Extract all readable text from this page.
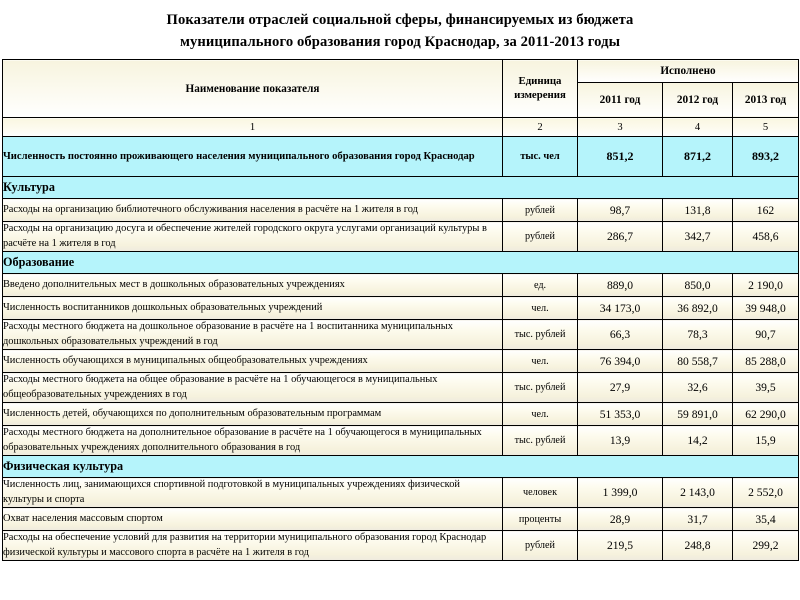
Показатели отраслей социальной сферы, финансируемых из бюджета
муниципального образования город Краснодар, за 2011-2013 годы
Наименование показателя	Единица измерения	Исполнено		
		2011 год	2012 год	2013 год
1	2	3	4	5
Численность постоянно проживающего населения муниципального образования город Краснодар	тыс. чел	851,2	871,2	893,2
Культура				
Расходы на организацию библиотечного обслуживания населения в расчёте на 1 жителя в год	рублей	98,7	131,8	162
Расходы на организацию досуга и обеспечение жителей городского округа услугами организаций культуры в расчёте на 1 жителя в год	рублей	286,7	342,7	458,6
Образование				
Введено дополнительных мест в дошкольных образовательных учреждениях	ед.	889,0	850,0	2 190,0
Численность воспитанников дошкольных образовательных учреждений	чел.	34 173,0	36 892,0	39 948,0
Расходы местного бюджета на дошкольное образование в расчёте на 1 воспитанника муниципальных дошкольных образовательных учреждений в год	тыс. рублей	66,3	78,3	90,7
Численность обучающихся в муниципальных общеобразовательных учреждениях	чел.	76 394,0	80 558,7	85 288,0
Расходы местного бюджета на общее образование в расчёте на 1 обучающегося в муниципальных общеобразовательных учреждениях в год	тыс. рублей	27,9	32,6	39,5
Численность детей, обучающихся по дополнительным образовательным программам	чел.	51 353,0	59 891,0	62 290,0
Расходы местного бюджета на дополнительное образование в расчёте на 1 обучающегося в муниципальных образовательных учреждениях дополнительного образования в год	тыс. рублей	13,9	14,2	15,9
Физическая культура				
Численность лиц, занимающихся спортивной подготовкой в муниципальных учреждениях физической культуры и спорта	человек	1 399,0	2 143,0	2 552,0
Охват населения массовым спортом	проценты	28,9	31,7	35,4
Расходы на обеспечение условий для развития на территории муниципального образования город Краснодар физической культуры и массового спорта в расчёте на 1 жителя в год	рублей	219,5	248,8	299,2
